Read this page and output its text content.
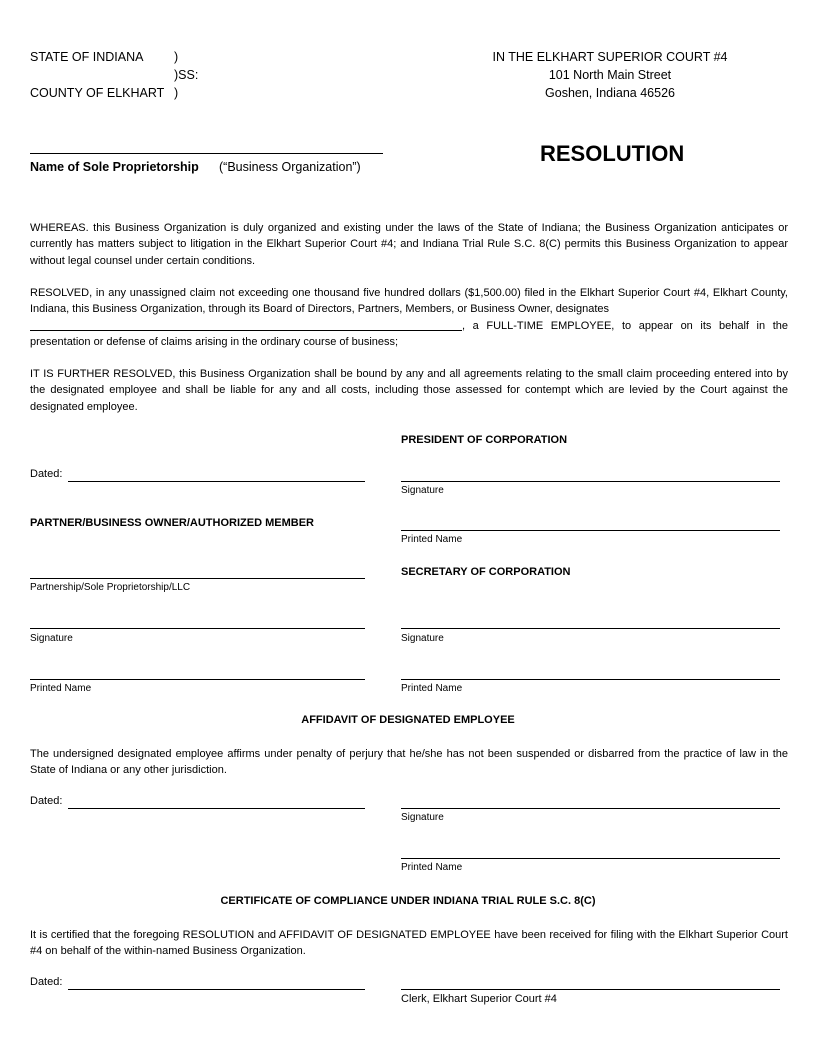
STATE OF INDIANA )
)SS:
COUNTY OF ELKHART )
IN THE ELKHART SUPERIOR COURT #4
101 North Main Street
Goshen, Indiana 46526
Name of Sole Proprietorship (“Business Organization”)
RESOLUTION
WHEREAS. this Business Organization is duly organized and existing under the laws of the State of Indiana; the Business Organization anticipates or currently has matters subject to litigation in the Elkhart Superior Court #4; and Indiana Trial Rule S.C. 8(C) permits this Business Organization to appear without legal counsel under certain conditions.
RESOLVED, in any unassigned claim not exceeding one thousand five hundred dollars ($1,500.00) filed in the Elkhart Superior Court #4, Elkhart County, Indiana, this Business Organization, through its Board of Directors, Partners, Members, or Business Owner, designates
, a FULL-TIME EMPLOYEE, to appear on its behalf in the
presentation or defense of claims arising in the ordinary course of business;
IT IS FURTHER RESOLVED, this Business Organization shall be bound by any and all agreements relating to the small claim proceeding entered into by the designated employee and shall be liable for any and all costs, including those assessed for contempt which are levied by the Court against the designated employee.
PRESIDENT OF CORPORATION
Dated:
Signature
PARTNER/BUSINESS OWNER/AUTHORIZED MEMBER
Printed Name
SECRETARY OF CORPORATION
Partnership/Sole Proprietorship/LLC
Signature	Signature
Printed Name	Printed Name
AFFIDAVIT OF DESIGNATED EMPLOYEE
The undersigned designated employee affirms under penalty of perjury that he/she has not been suspended or disbarred from the practice of law in the State of Indiana or any other jurisdiction.
Dated:
Signature
Printed Name
CERTIFICATE OF COMPLIANCE UNDER INDIANA TRIAL RULE S.C. 8(C)
It is certified that the foregoing RESOLUTION and AFFIDAVIT OF DESIGNATED EMPLOYEE have been received for filing with the Elkhart Superior Court #4 on behalf of the within-named Business Organization.
Dated:
Clerk, Elkhart Superior Court #4
